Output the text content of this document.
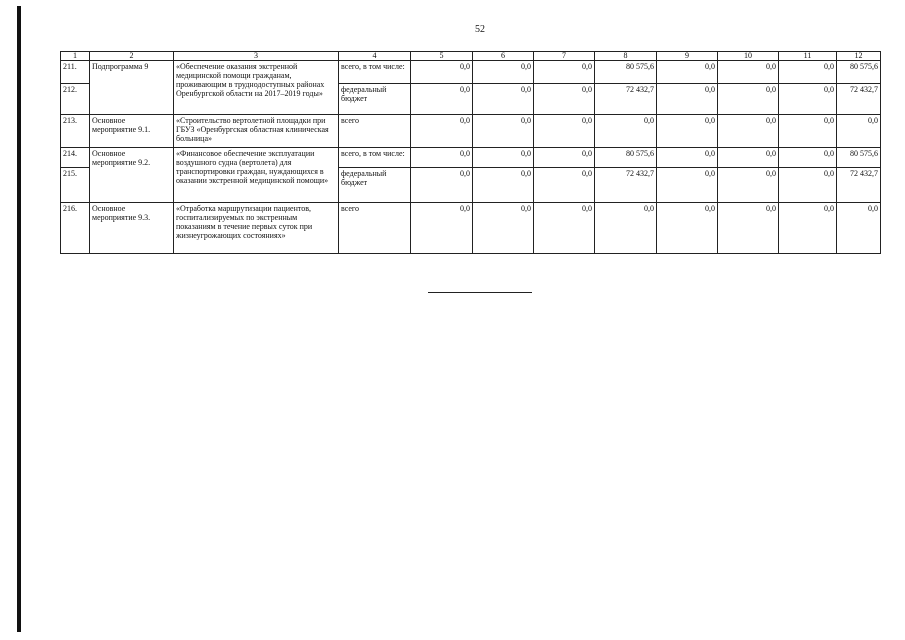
52
1	2	3	4	5	6	7	8	9	10	11	12
211.	Подпрограмма 9	«Обеспечение оказания экстренной медицинской помощи гражданам, проживающим в труднодоступных районах Оренбургской области на 2017–2019 годы»	всего, в том числе:	0,0	0,0	0,0	80 575,6	0,0	0,0	0,0	80 575,6
212.			федеральный бюджет	0,0	0,0	0,0	72 432,7	0,0	0,0	0,0	72 432,7
213.	Основное мероприятие 9.1.	«Строительство вертолетной площадки при ГБУЗ «Оренбургская областная клиническая больница»	всего	0,0	0,0	0,0	0,0	0,0	0,0	0,0	0,0
214.	Основное мероприятие 9.2.	«Финансовое обеспечение эксплуатации воздушного судна (вертолета) для транспортировки граждан, нуждающихся в оказании экстренной медицинской помощи»	всего, в том числе:	0,0	0,0	0,0	80 575,6	0,0	0,0	0,0	80 575,6
215.			федеральный бюджет	0,0	0,0	0,0	72 432,7	0,0	0,0	0,0	72 432,7
216.	Основное мероприятие 9.3.	«Отработка маршрутизации пациентов, госпитализируемых по экстренным показаниям в течение первых суток при жизнеугрожающих состояниях»	всего	0,0	0,0	0,0	0,0	0,0	0,0	0,0	0,0
